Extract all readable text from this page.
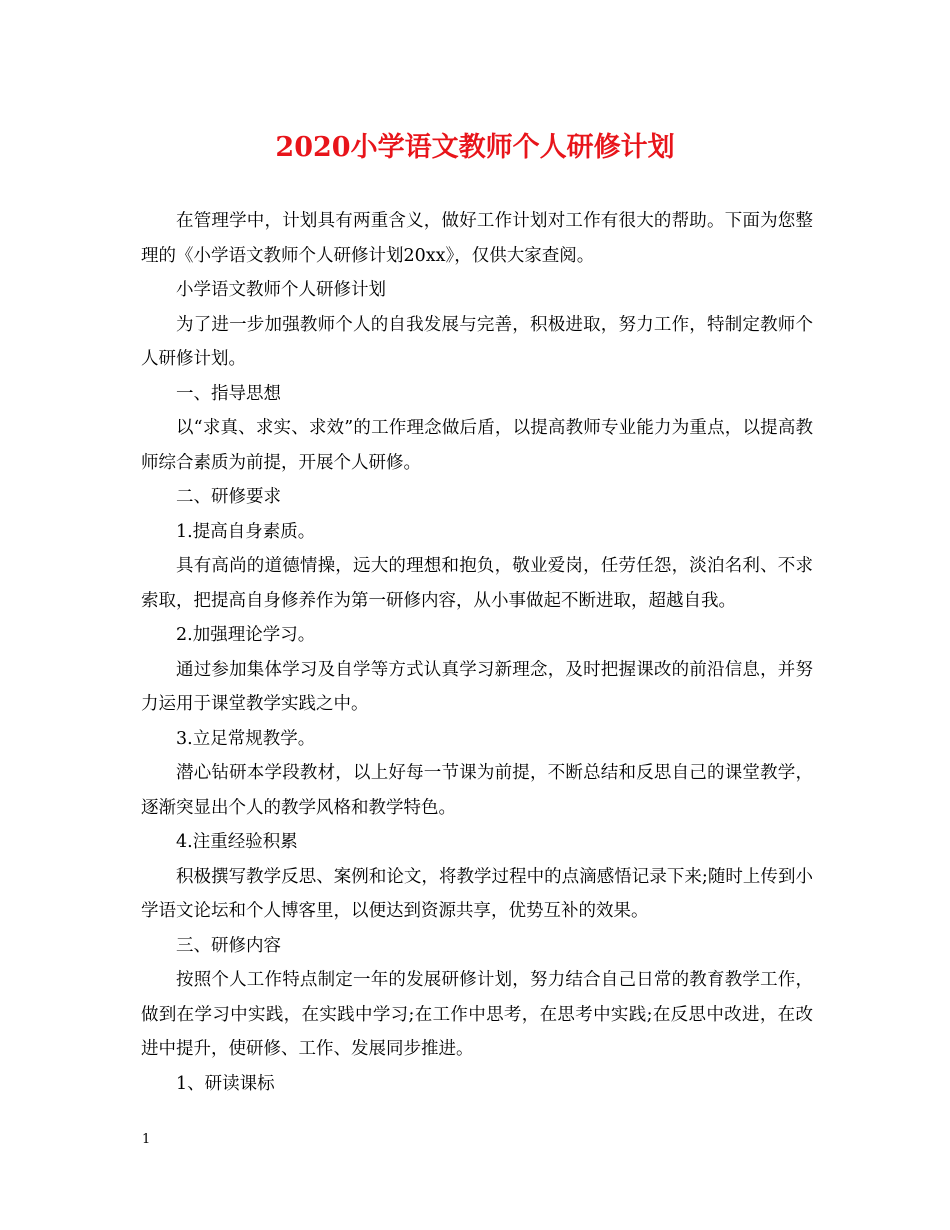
2020小学语文教师个人研修计划

在管理学中，计划具有两重含义，做好工作计划对工作有很大的帮助。下面为您整理的《小学语文教师个人研修计划20xx》，仅供大家查阅。

小学语文教师个人研修计划

为了进一步加强教师个人的自我发展与完善，积极进取，努力工作，特制定教师个人研修计划。

一、指导思想

以“求真、求实、求效”的工作理念做后盾，以提高教师专业能力为重点，以提高教师综合素质为前提，开展个人研修。

二、研修要求

1.提高自身素质。

具有高尚的道德情操，远大的理想和抱负，敬业爱岗，任劳任怨，淡泊名利、不求索取，把提高自身修养作为第一研修内容，从小事做起不断进取，超越自我。

2.加强理论学习。

通过参加集体学习及自学等方式认真学习新理念，及时把握课改的前沿信息，并努力运用于课堂教学实践之中。

3.立足常规教学。

潜心钻研本学段教材，以上好每一节课为前提，不断总结和反思自己的课堂教学，逐渐突显出个人的教学风格和教学特色。

4.注重经验积累

积极撰写教学反思、案例和论文，将教学过程中的点滴感悟记录下来;随时上传到小学语文论坛和个人博客里，以便达到资源共享，优势互补的效果。

三、研修内容

按照个人工作特点制定一年的发展研修计划，努力结合自己日常的教育教学工作，做到在学习中实践，在实践中学习;在工作中思考，在思考中实践;在反思中改进，在改进中提升，使研修、工作、发展同步推进。

1、研读课标

1
